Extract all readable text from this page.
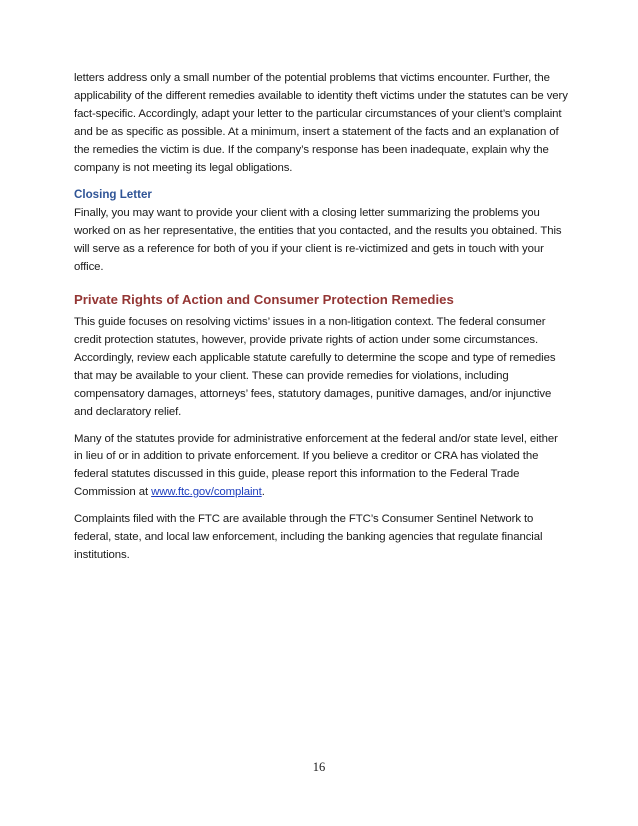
letters address only a small number of the potential problems that victims encounter. Further, the applicability of the different remedies available to identity theft victims under the statutes can be very fact-specific. Accordingly, adapt your letter to the particular circumstances of your client’s complaint and be as specific as possible. At a minimum, insert a statement of the facts and an explanation of the remedies the victim is due. If the company’s response has been inadequate, explain why the company is not meeting its legal obligations.

Closing Letter

Finally, you may want to provide your client with a closing letter summarizing the problems you worked on as her representative, the entities that you contacted, and the results you obtained. This will serve as a reference for both of you if your client is re-victimized and gets in touch with your office.

Private Rights of Action and Consumer Protection Remedies

This guide focuses on resolving victims’ issues in a non-litigation context. The federal consumer credit protection statutes, however, provide private rights of action under some circumstances. Accordingly, review each applicable statute carefully to determine the scope and type of remedies that may be available to your client. These can provide remedies for violations, including compensatory damages, attorneys’ fees, statutory damages, punitive damages, and/or injunctive and declaratory relief.

Many of the statutes provide for administrative enforcement at the federal and/or state level, either in lieu of or in addition to private enforcement. If you believe a creditor or CRA has violated the federal statutes discussed in this guide, please report this information to the Federal Trade Commission at www.ftc.gov/complaint.

Complaints filed with the FTC are available through the FTC’s Consumer Sentinel Network to federal, state, and local law enforcement, including the banking agencies that regulate financial institutions.

16
